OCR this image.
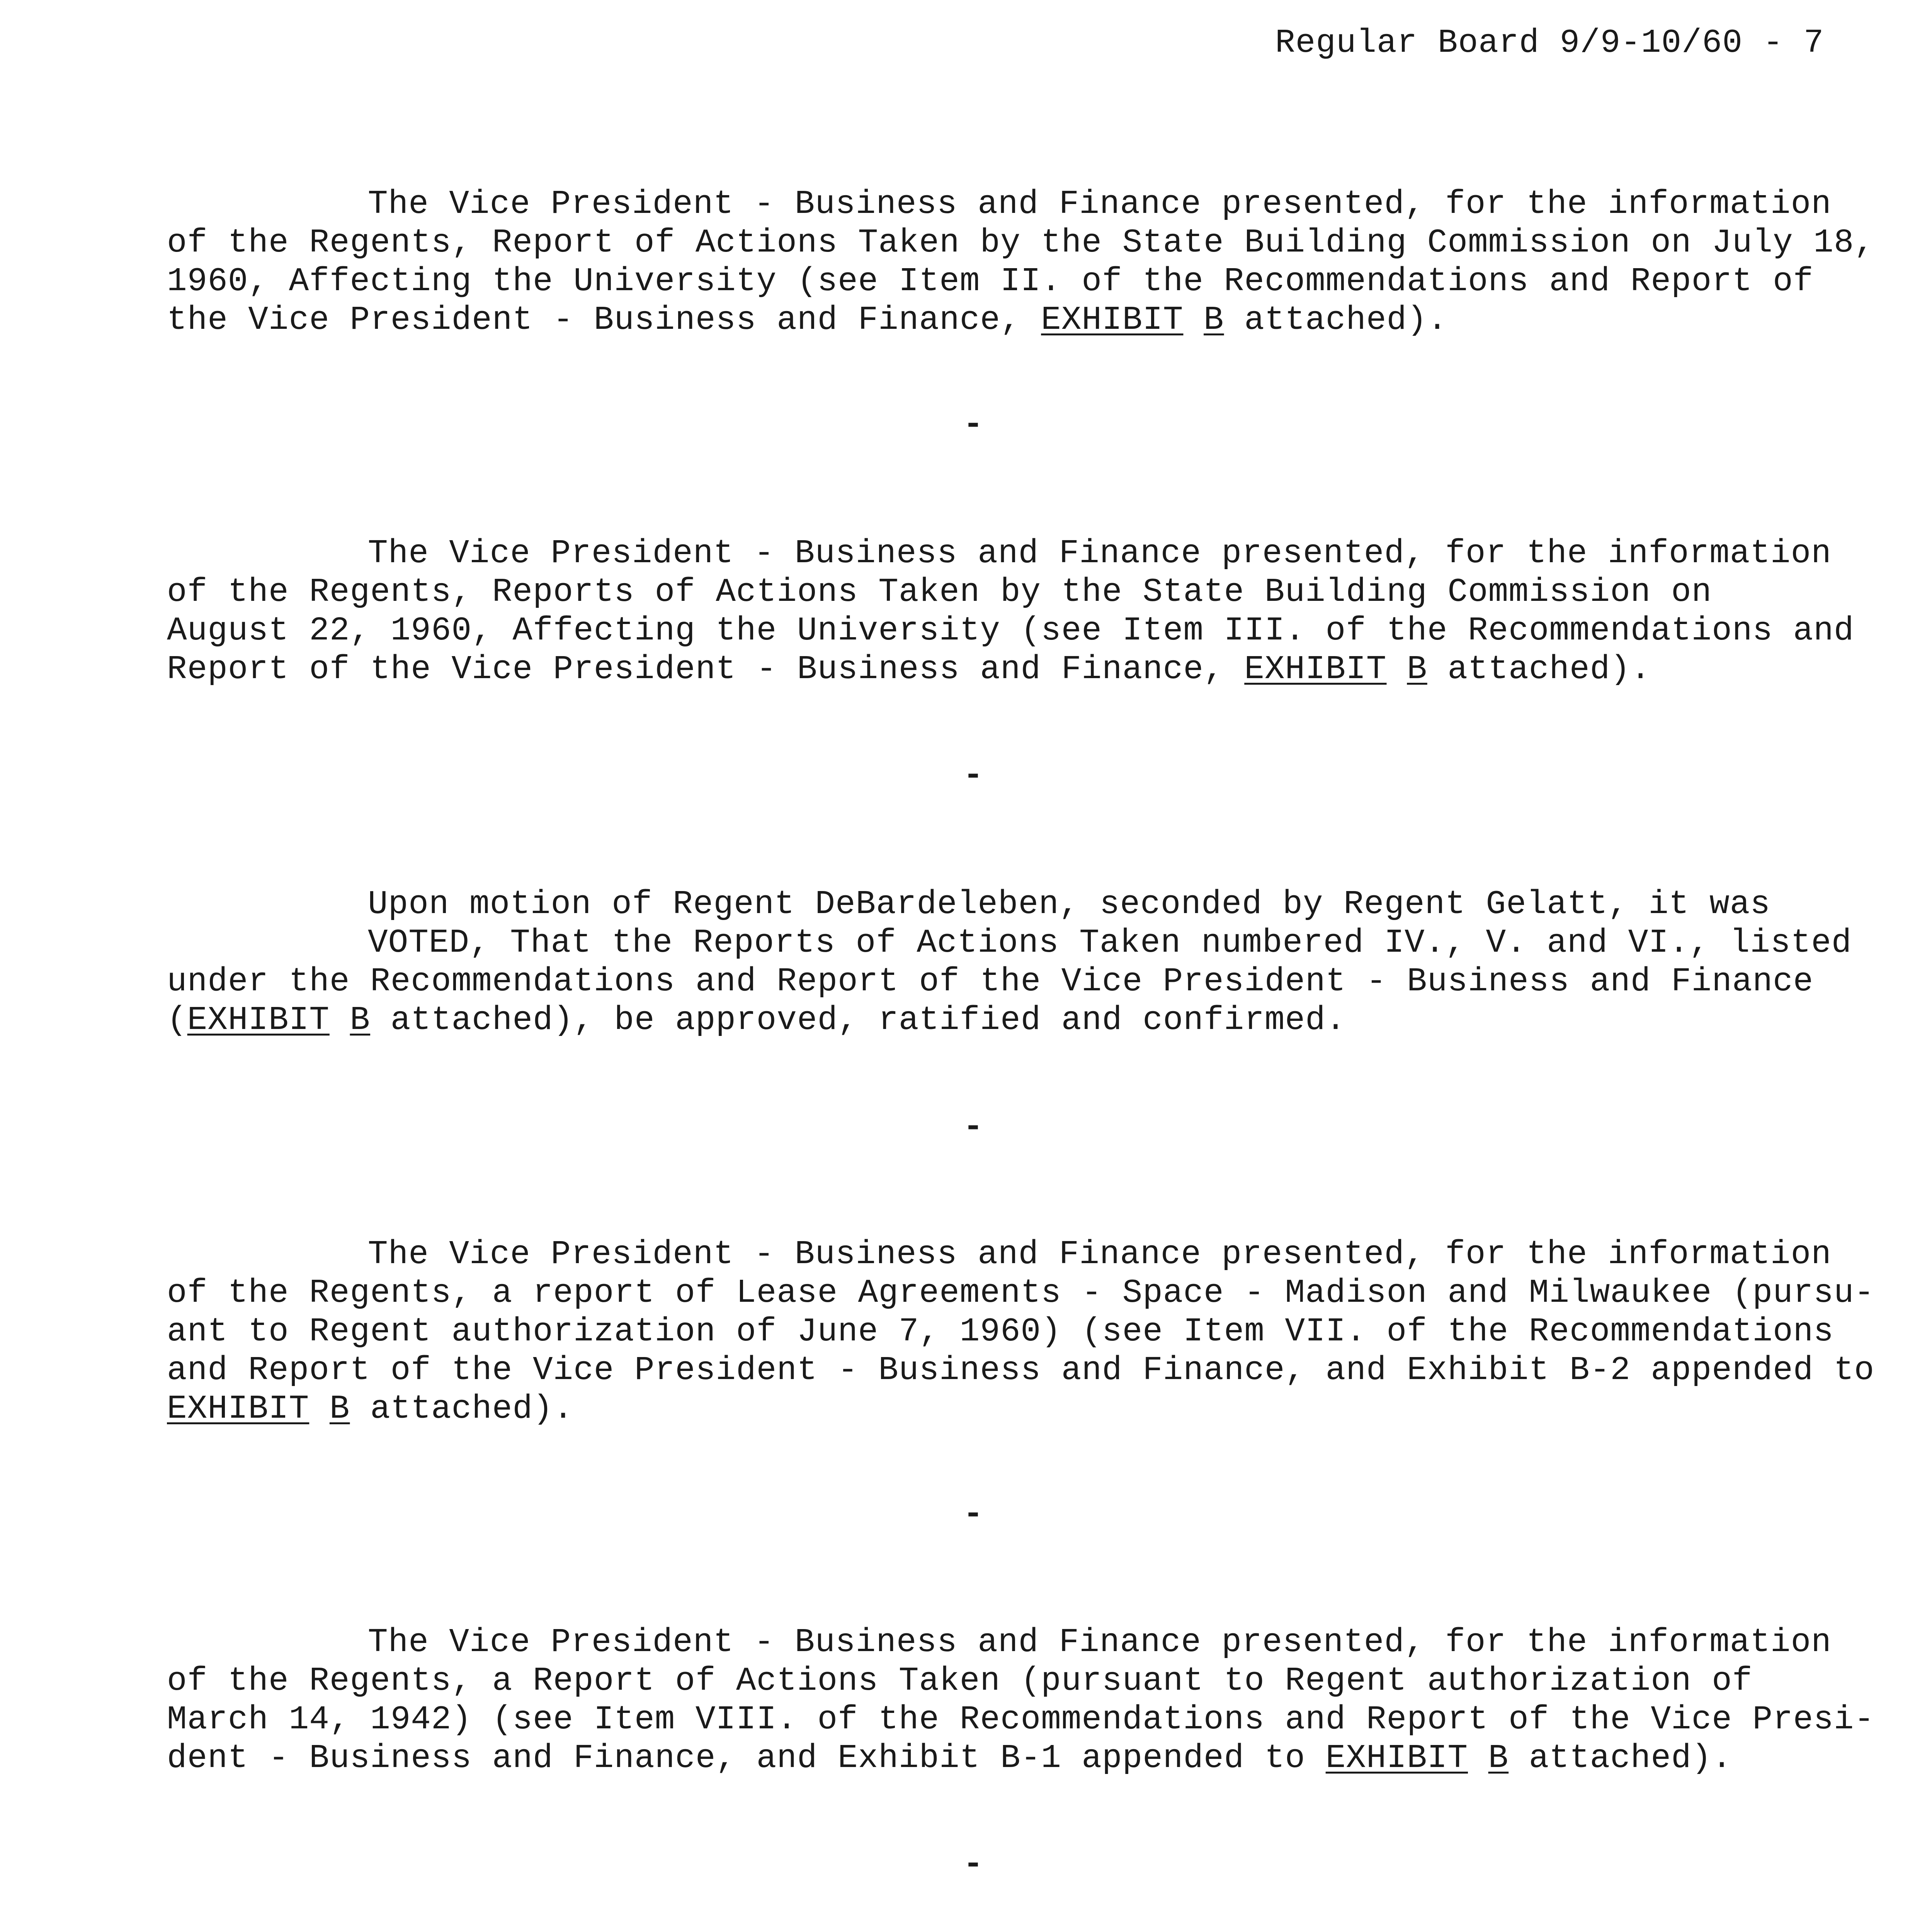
Regular Board 9/9-10/60 - 7
The Vice President - Business and Finance presented, for the information
of the Regents, Report of Actions Taken by the State Building Commission on July 18,
1960, Affecting the University (see Item II. of the Recommendations and Report of
the Vice President - Business and Finance, EXHIBIT B attached).
-
The Vice President - Business and Finance presented, for the information
of the Regents, Reports of Actions Taken by the State Building Commission on
August 22, 1960, Affecting the University (see Item III. of the Recommendations and
Report of the Vice President - Business and Finance, EXHIBIT B attached).
-
Upon motion of Regent DeBardeleben, seconded by Regent Gelatt, it was
VOTED, That the Reports of Actions Taken numbered IV., V. and VI., listed
under the Recommendations and Report of the Vice President - Business and Finance
(EXHIBIT B attached), be approved, ratified and confirmed.
-
The Vice President - Business and Finance presented, for the information
of the Regents, a report of Lease Agreements - Space - Madison and Milwaukee (pursu-
ant to Regent authorization of June 7, 1960) (see Item VII. of the Recommendations
and Report of the Vice President - Business and Finance, and Exhibit B-2 appended to
EXHIBIT B attached).
-
The Vice President - Business and Finance presented, for the information
of the Regents, a Report of Actions Taken (pursuant to Regent authorization of
March 14, 1942) (see Item VIII. of the Recommendations and Report of the Vice Presi-
dent - Business and Finance, and Exhibit B-1 appended to EXHIBIT B attached).
-
